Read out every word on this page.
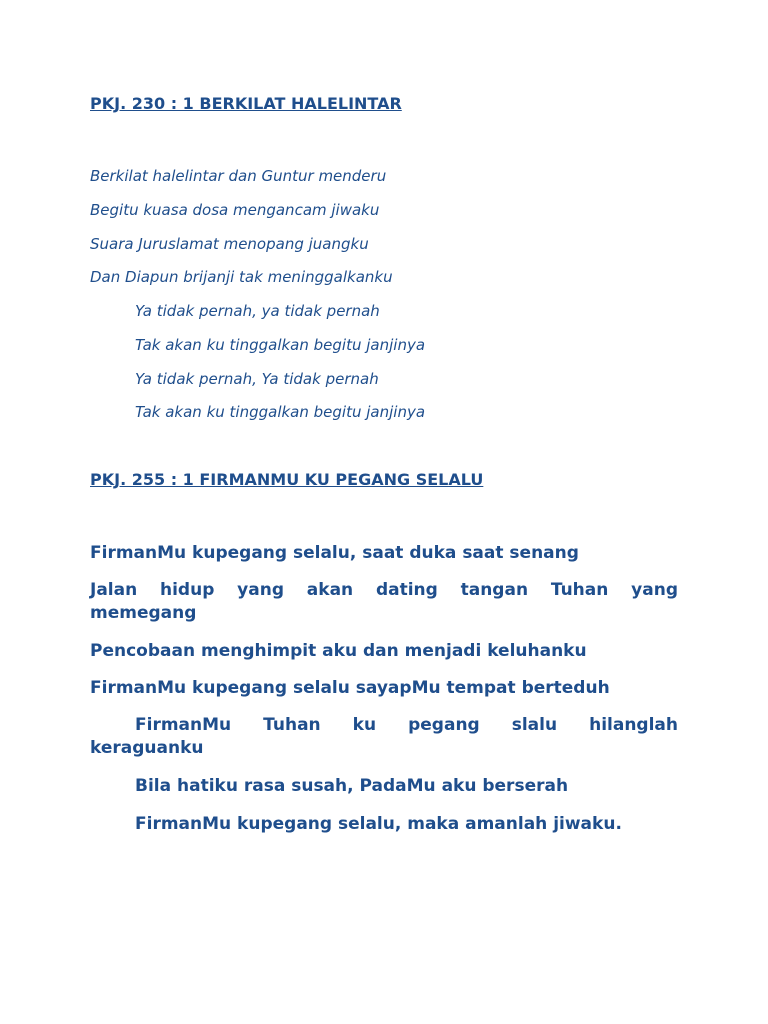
PKJ. 230 : 1 BERKILAT HALELINTAR

Berkilat halelintar dan Guntur menderu

Begitu kuasa dosa mengancam jiwaku

Suara Juruslamat menopang juangku

Dan Diapun brijanji tak meninggalkanku

Ya tidak pernah, ya tidak pernah

Tak akan ku tinggalkan begitu janjinya

Ya tidak pernah, Ya tidak pernah

Tak akan ku tinggalkan begitu janjinya

PKJ. 255 : 1 FIRMANMU KU PEGANG SELALU

FirmanMu kupegang selalu, saat duka saat senang

Jalan hidup yang akan dating tangan Tuhan yang
memegang

Pencobaan menghimpit aku dan menjadi keluhanku

FirmanMu kupegang selalu sayapMu tempat berteduh

FirmanMu Tuhan ku pegang slalu hilanglah
keraguanku

Bila hatiku rasa susah, PadaMu aku berserah

FirmanMu kupegang selalu, maka amanlah jiwaku.
